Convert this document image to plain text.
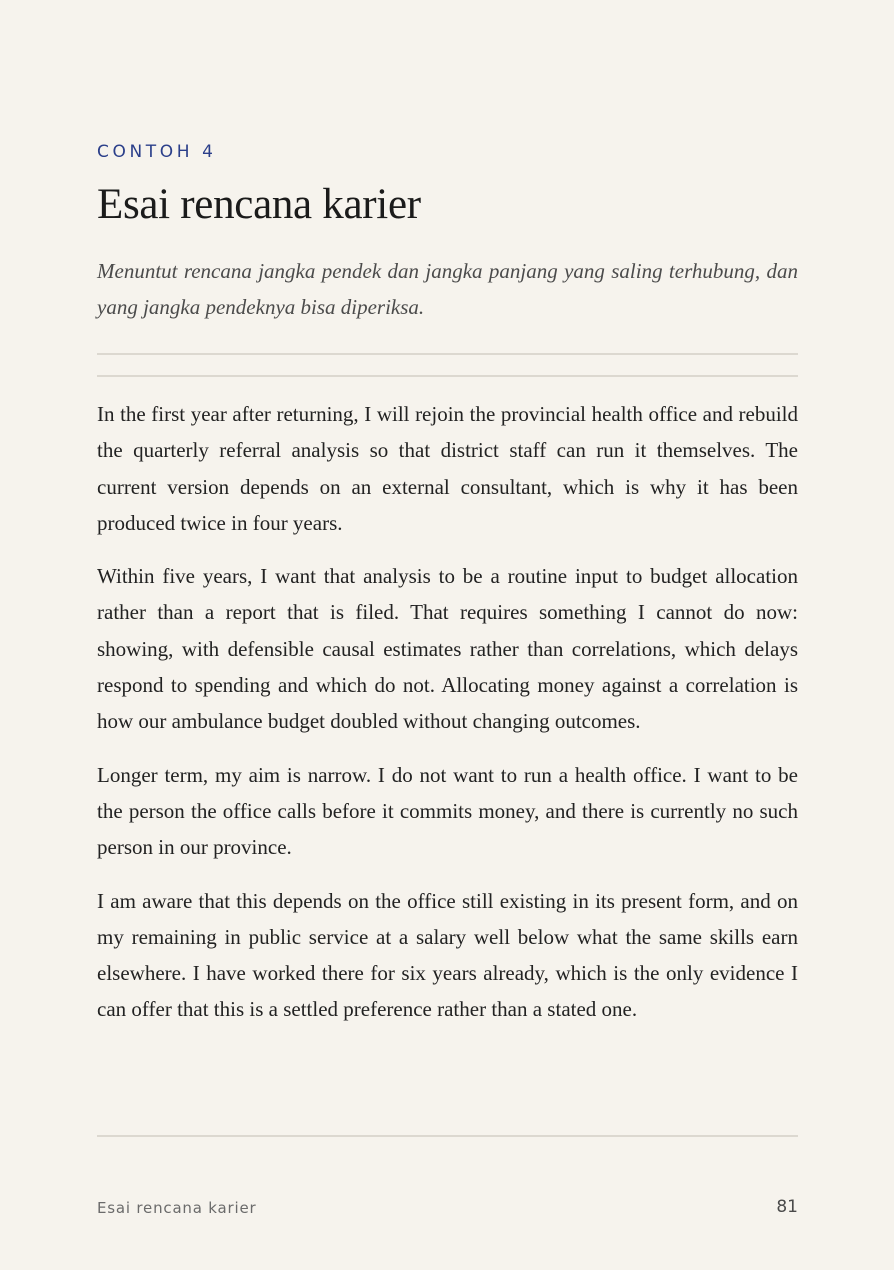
CONTOH 4
Esai rencana karier

Menuntut rencana jangka pendek dan jangka panjang yang saling terhubung, dan yang jangka pendeknya bisa diperiksa.

In the first year after returning, I will rejoin the provincial health office and rebuild the quarterly referral analysis so that district staff can run it themselves. The current version depends on an external consultant, which is why it has been produced twice in four years.

Within five years, I want that analysis to be a routine input to budget allocation rather than a report that is filed. That requires something I cannot do now: showing, with defensible causal estimates rather than correlations, which delays respond to spending and which do not. Allocating money against a correlation is how our ambulance budget doubled without changing outcomes.

Longer term, my aim is narrow. I do not want to run a health office. I want to be the person the office calls before it commits money, and there is currently no such person in our province.

I am aware that this depends on the office still existing in its present form, and on my remaining in public service at a salary well below what the same skills earn elsewhere. I have worked there for six years already, which is the only evidence I can offer that this is a settled preference rather than a stated one.

Esai rencana karier	81
